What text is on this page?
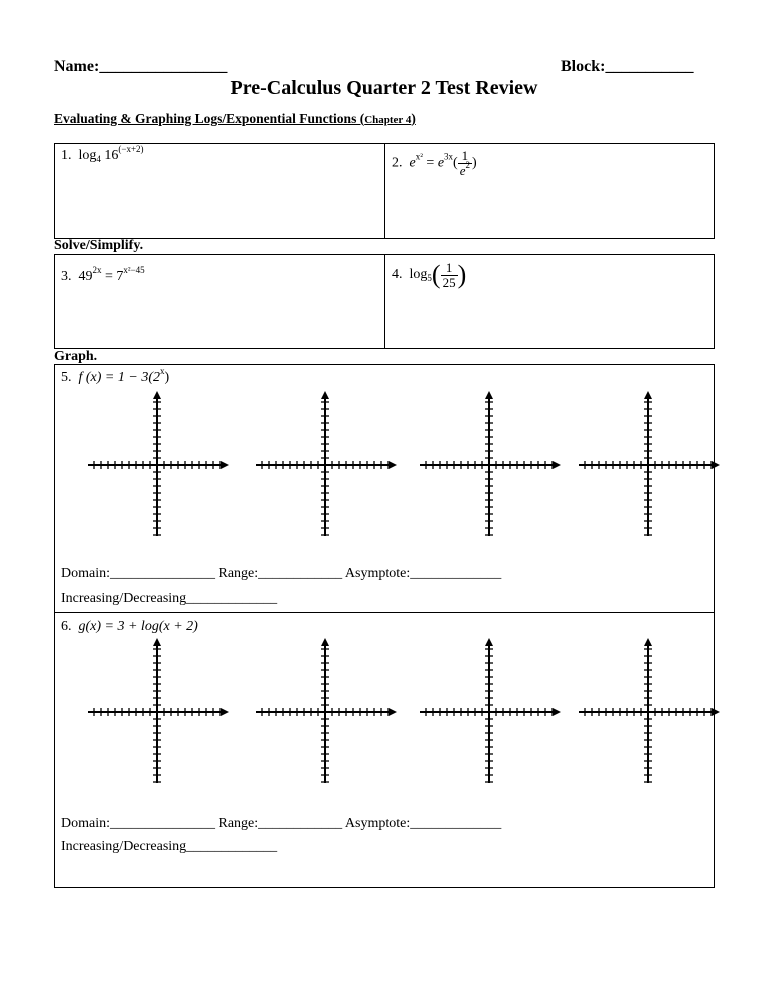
Name:________________	Block:___________
Pre-Calculus Quarter 2 Test Review
Evaluating & Graphing Logs/Exponential Functions (Chapter 4)
1. $\log_4 16^{(-x+2)}$
2. $e^{x^2} = e^{3x}( \frac{1}{e^2}$ )
Solve/Simplify.
3. $49^{2x} = 7^{x^2-45}$	4. $\log_5( \frac{1}{25}$ )
Graph.
5. f $(x) = 1 - 3(2^x)$
6. g(x) = 3 + log(x + 2)
Domain:_______________ Range:____________ Asymptote:_____________
Increasing/Decreasing_____________
Domain:_______________ Range:____________ Asymptote:_____________
Increasing/Decreasing_____________
